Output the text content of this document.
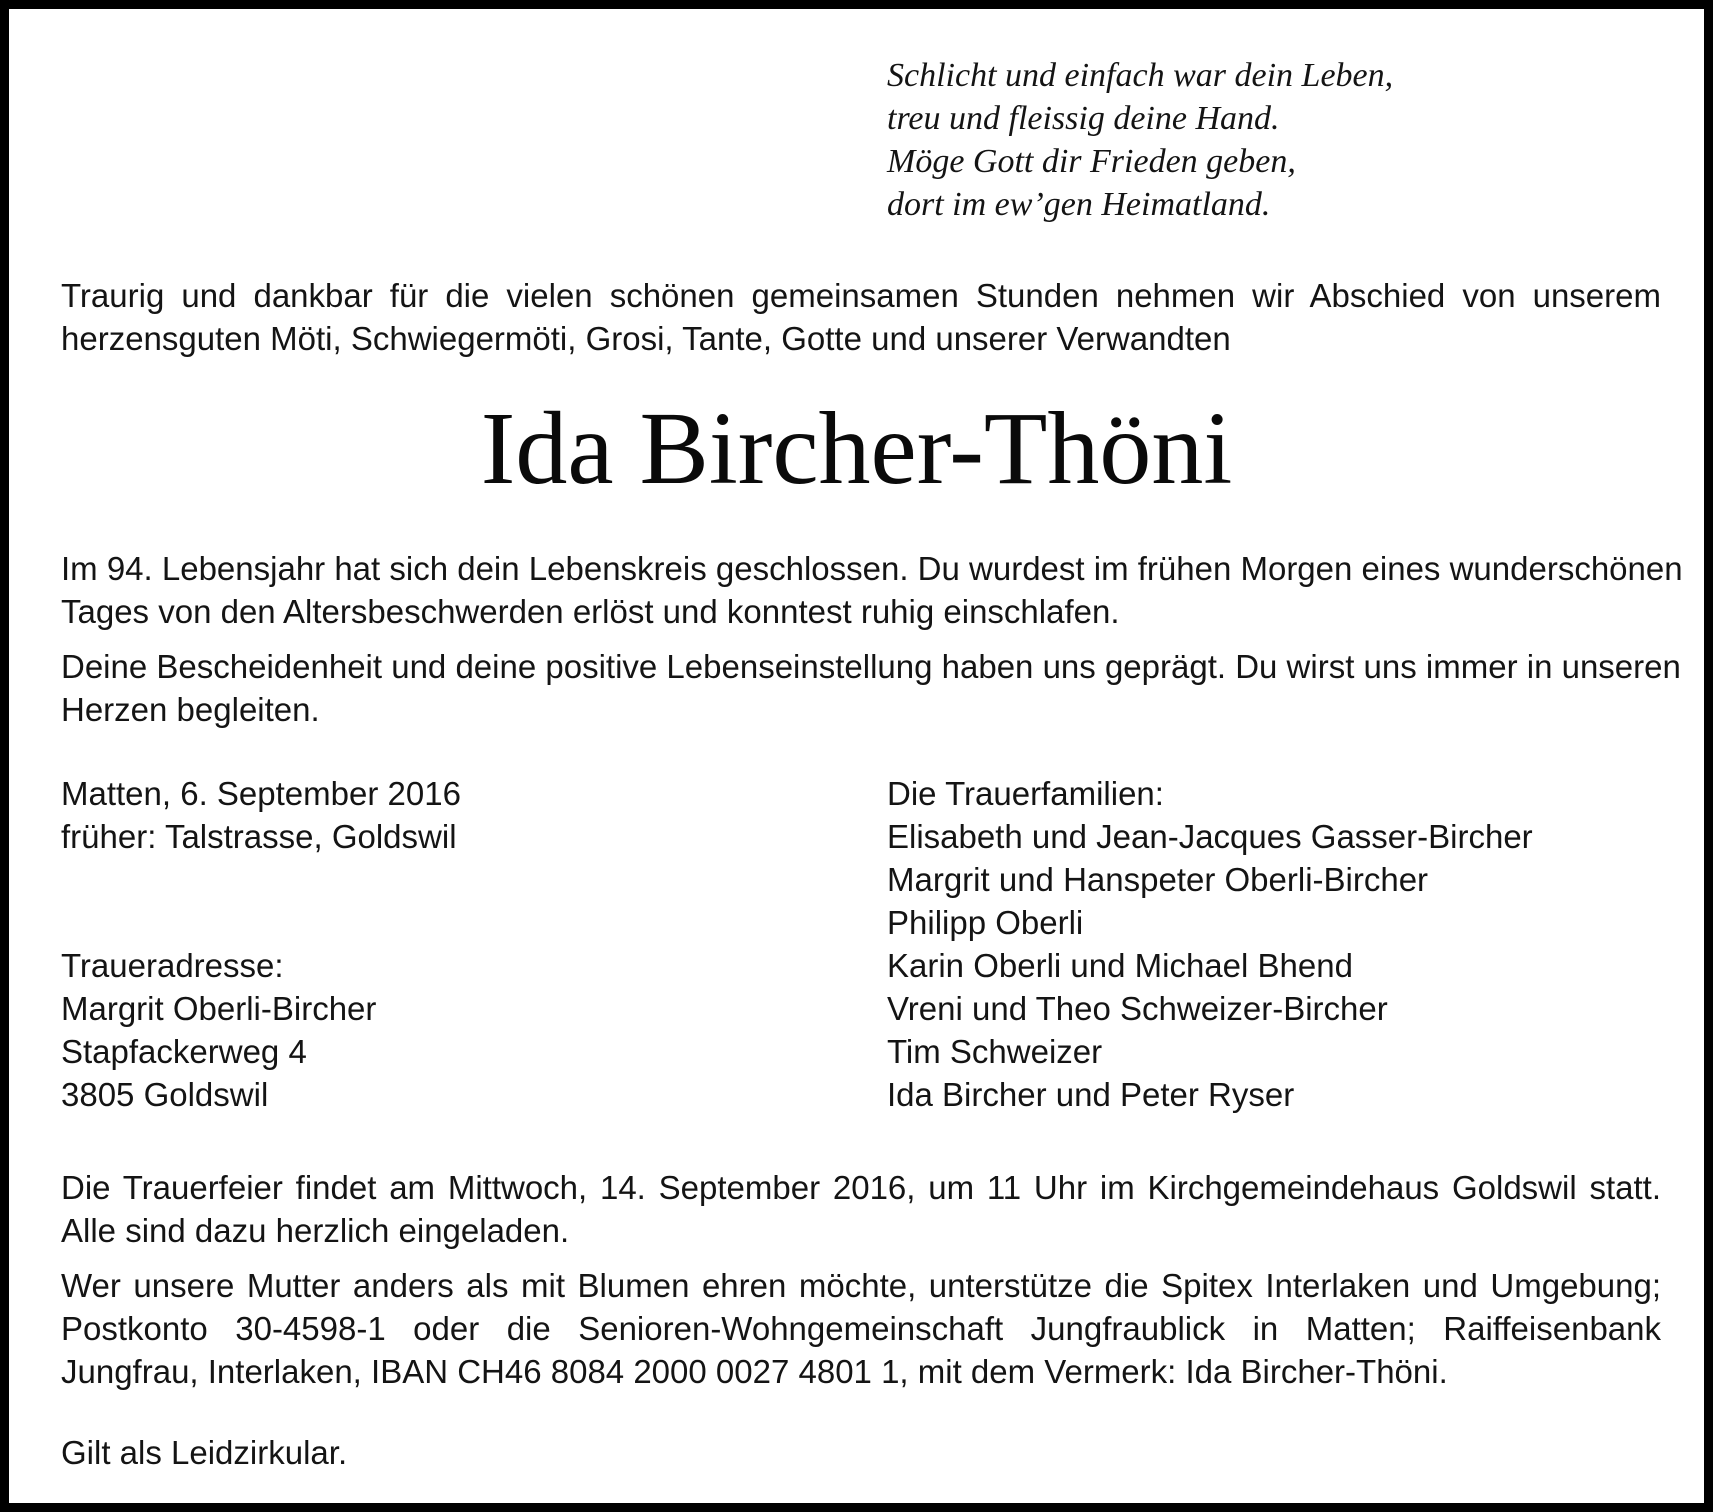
Schlicht und einfach war dein Leben,
treu und fleissig deine Hand.
Möge Gott dir Frieden geben,
dort im ew’gen Heimatland.
Traurig und dankbar für die vielen schönen gemeinsamen Stunden nehmen wir Abschied von unserem
herzensguten Möti, Schwiegermöti, Grosi, Tante, Gotte und unserer Verwandten
Ida Bircher-Thöni
Im 94. Lebensjahr hat sich dein Lebenskreis geschlossen. Du wurdest im frühen Morgen eines wunderschönen
Tages von den Altersbeschwerden erlöst und konntest ruhig einschlafen.
Deine Bescheidenheit und deine positive Lebenseinstellung haben uns geprägt. Du wirst uns immer in unseren
Herzen begleiten.
Matten, 6. September 2016
früher: Talstrasse, Goldswil
Traueradresse:
Margrit Oberli-Bircher
Stapfackerweg 4
3805 Goldswil
Die Trauerfamilien:
Elisabeth und Jean-Jacques Gasser-Bircher
Margrit und Hanspeter Oberli-Bircher
Philipp Oberli
Karin Oberli und Michael Bhend
Vreni und Theo Schweizer-Bircher
Tim Schweizer
Ida Bircher und Peter Ryser
Die Trauerfeier findet am Mittwoch, 14. September 2016, um 11 Uhr im Kirchgemeindehaus Goldswil statt.
Alle sind dazu herzlich eingeladen.
Wer unsere Mutter anders als mit Blumen ehren möchte, unterstütze die Spitex Interlaken und Umgebung;
Postkonto 30-4598-1 oder die Senioren-Wohngemeinschaft Jungfraublick in Matten; Raiffeisenbank
Jungfrau, Interlaken, IBAN CH46 8084 2000 0027 4801 1, mit dem Vermerk: Ida Bircher-Thöni.
Gilt als Leidzirkular.
